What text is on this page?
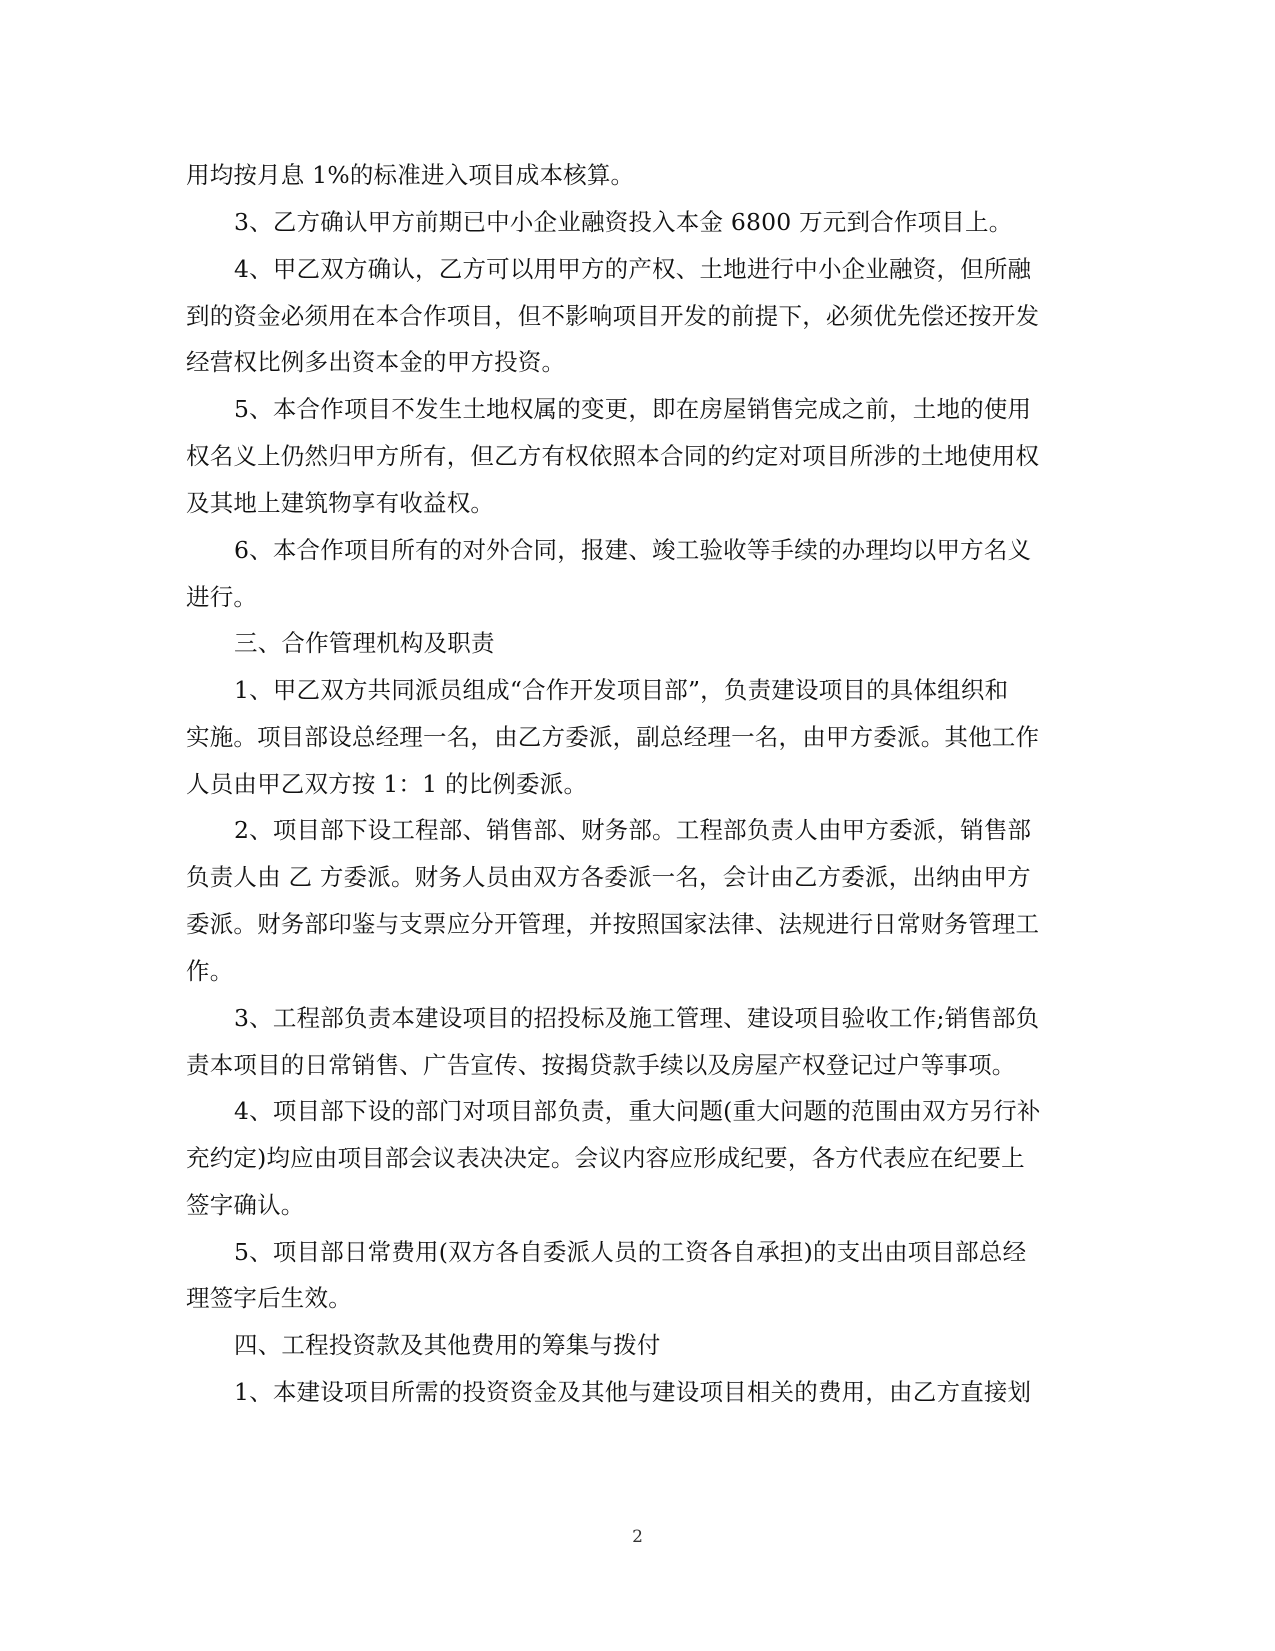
用均按月息 1%的标准进入项目成本核算。
3、乙方确认甲方前期已中小企业融资投入本金 6800 万元到合作项目上。
4、甲乙双方确认，乙方可以用甲方的产权、土地进行中小企业融资，但所融
到的资金必须用在本合作项目，但不影响项目开发的前提下，必须优先偿还按开发
经营权比例多出资本金的甲方投资。
5、本合作项目不发生土地权属的变更，即在房屋销售完成之前，土地的使用
权名义上仍然归甲方所有，但乙方有权依照本合同的约定对项目所涉的土地使用权
及其地上建筑物享有收益权。
6、本合作项目所有的对外合同，报建、竣工验收等手续的办理均以甲方名义
进行。
三、合作管理机构及职责
1、甲乙双方共同派员组成“合作开发项目部”，负责建设项目的具体组织和
实施。项目部设总经理一名，由乙方委派，副总经理一名，由甲方委派。其他工作
人员由甲乙双方按 1：1 的比例委派。
2、项目部下设工程部、销售部、财务部。工程部负责人由甲方委派，销售部
负责人由 乙 方委派。财务人员由双方各委派一名，会计由乙方委派，出纳由甲方
委派。财务部印鉴与支票应分开管理，并按照国家法律、法规进行日常财务管理工
作。
3、工程部负责本建设项目的招投标及施工管理、建设项目验收工作;销售部负
责本项目的日常销售、广告宣传、按揭贷款手续以及房屋产权登记过户等事项。
4、项目部下设的部门对项目部负责，重大问题(重大问题的范围由双方另行补
充约定)均应由项目部会议表决决定。会议内容应形成纪要，各方代表应在纪要上
签字确认。
5、项目部日常费用(双方各自委派人员的工资各自承担)的支出由项目部总经
理签字后生效。
四、工程投资款及其他费用的筹集与拨付
1、本建设项目所需的投资资金及其他与建设项目相关的费用，由乙方直接划
2
